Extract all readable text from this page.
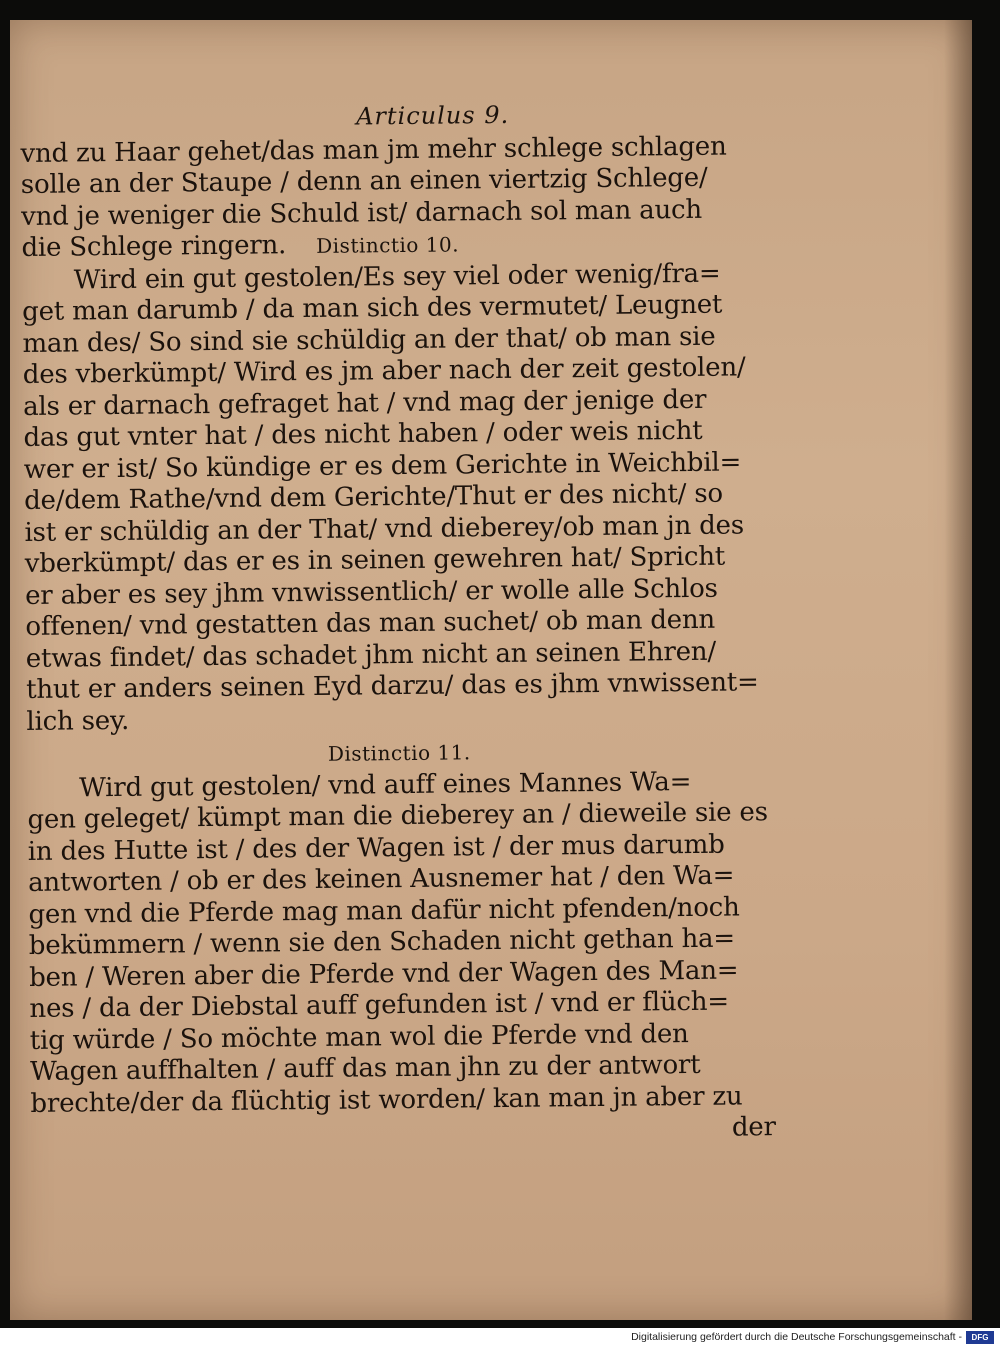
Articulus 9.
vnd zu Haar gehet/das man jm mehr schlege schlagen
solle an der Staupe / denn an einen viertzig Schlege/
vnd je weniger die Schuld ist/ darnach sol man auch
die Schlege ringern. Distinctio 10.
Wird ein gut gestolen/Es sey viel oder wenig/fra=
get man darumb / da man sich des vermutet/ Leugnet
man des/ So sind sie schüldig an der that/ ob man sie
des vberkümpt/ Wird es jm aber nach der zeit gestolen/
als er darnach gefraget hat / vnd mag der jenige der
das gut vnter hat / des nicht haben / oder weis nicht
wer er ist/ So kündige er es dem Gerichte in Weichbil=
de/dem Rathe/vnd dem Gerichte/Thut er des nicht/ so
ist er schüldig an der That/ vnd dieberey/ob man jn des
vberkümpt/ das er es in seinen gewehren hat/ Spricht
er aber es sey jhm vnwissentlich/ er wolle alle Schlos
offenen/ vnd gestatten das man suchet/ ob man denn
etwas findet/ das schadet jhm nicht an seinen Ehren/
thut er anders seinen Eyd darzu/ das es jhm vnwissent=
lich sey.
Distinctio 11.
Wird gut gestolen/ vnd auff eines Mannes Wa=
gen geleget/ kümpt man die dieberey an / dieweile sie es
in des Hutte ist / des der Wagen ist / der mus darumb
antworten / ob er des keinen Ausnemer hat / den Wa=
gen vnd die Pferde mag man dafür nicht pfenden/noch
bekümmern / wenn sie den Schaden nicht gethan ha=
ben / Weren aber die Pferde vnd der Wagen des Man=
nes / da der Diebstal auff gefunden ist / vnd er flüch=
tig würde / So möchte man wol die Pferde vnd den
Wagen auffhalten / auff das man jhn zu der antwort
brechte/der da flüchtig ist worden/ kan man jn aber zu
der
Digitalisierung gefördert durch die Deutsche Forschungsgemeinschaft -	DFG
